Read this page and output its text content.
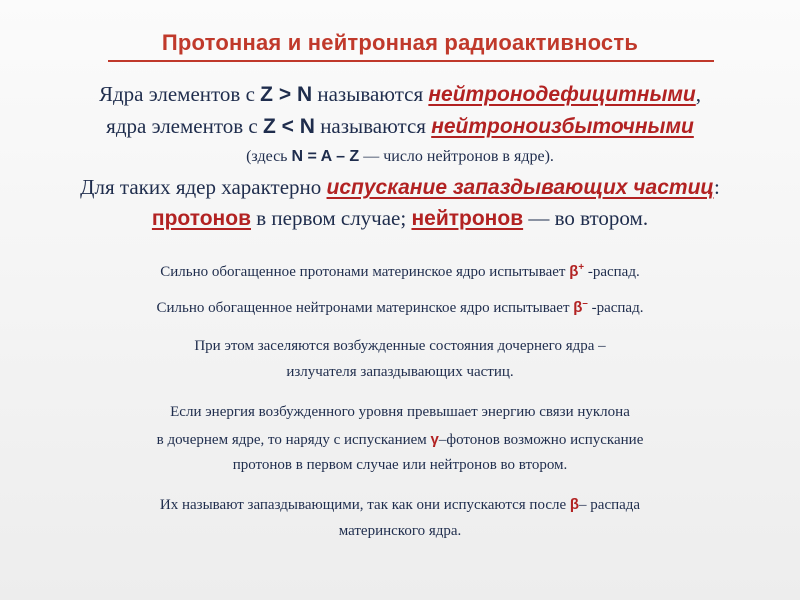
Протонная и нейтронная радиоактивность
Ядра элементов с Z > N называются нейтронодефицитными,
ядра элементов с Z < N называются нейтроноизбыточными
(здесь N = A – Z — число нейтронов в ядре).
Для таких ядер характерно испускание запаздывающих частиц:
протонов в первом случае; нейтронов — во втором.
Сильно обогащенное протонами материнское ядро испытывает β+ -распад.
Сильно обогащенное нейтронами материнское ядро испытывает β– -распад.
При этом заселяются возбужденные состояния дочернего ядра –
излучателя запаздывающих частиц.
Если энергия возбужденного уровня превышает энергию связи нуклона
в дочернем ядре, то наряду с испусканием γ–фотонов возможно испускание
протонов в первом случае или нейтронов во втором.
Их называют запаздывающими, так как они испускаются после β– распада
материнского ядра.
